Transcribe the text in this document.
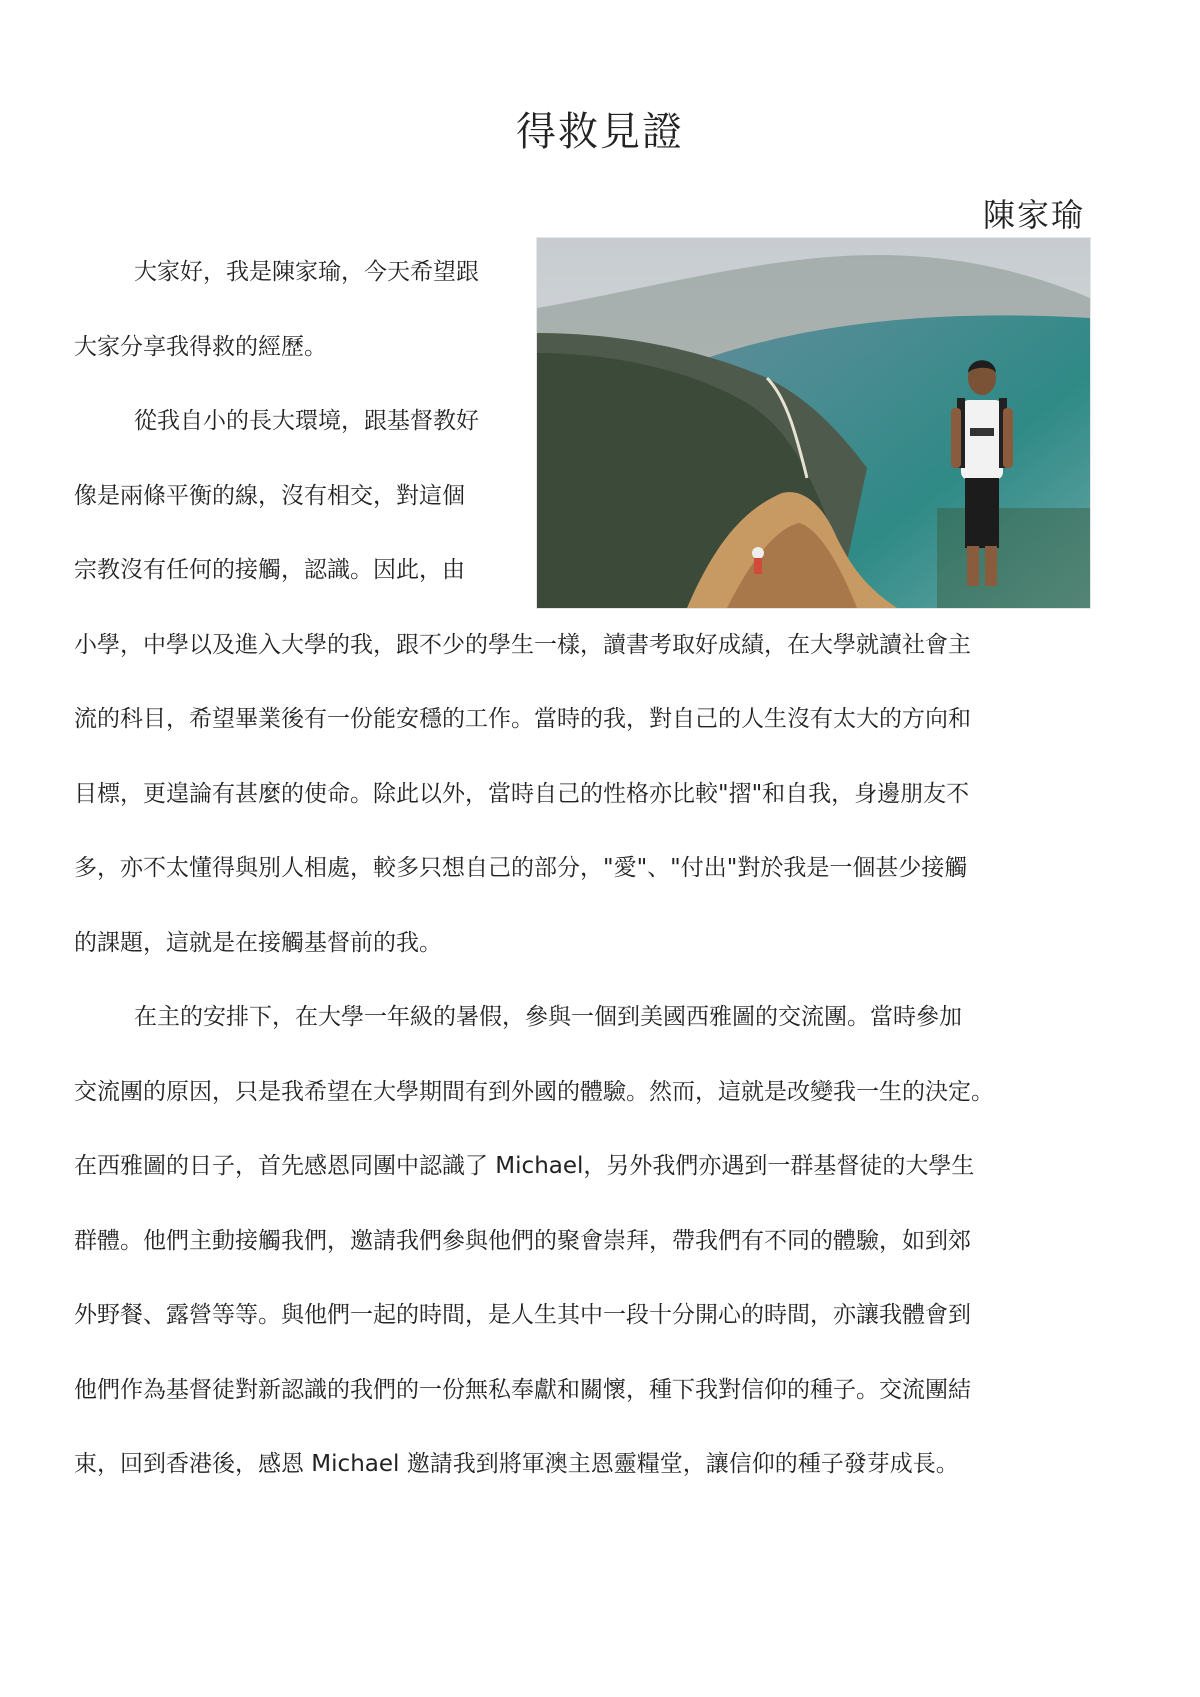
得救見證
陳家瑜
大家好，我是陳家瑜，今天希望跟
大家分享我得救的經歷。
從我自小的長大環境，跟基督教好
像是兩條平衡的線，沒有相交，對這個
宗教沒有任何的接觸，認識。因此，由
小學，中學以及進入大學的我，跟不少的學生一樣，讀書考取好成績，在大學就讀社會主
流的科目，希望畢業後有一份能安穩的工作。當時的我，對自己的人生沒有太大的方向和
目標，更遑論有甚麼的使命。除此以外，當時自己的性格亦比較"摺"和自我，身邊朋友不
多，亦不太懂得與別人相處，較多只想自己的部分，"愛"、"付出"對於我是一個甚少接觸
的課題，這就是在接觸基督前的我。
在主的安排下，在大學一年級的暑假，參與一個到美國西雅圖的交流團。當時參加
交流團的原因，只是我希望在大學期間有到外國的體驗。然而，這就是改變我一生的決定。
在西雅圖的日子，首先感恩同團中認識了 Michael，另外我們亦遇到一群基督徒的大學生
群體。他們主動接觸我們，邀請我們參與他們的聚會崇拜，帶我們有不同的體驗，如到郊
外野餐、露營等等。與他們一起的時間，是人生其中一段十分開心的時間，亦讓我體會到
他們作為基督徒對新認識的我們的一份無私奉獻和關懷，種下我對信仰的種子。交流團結
束，回到香港後，感恩 Michael 邀請我到將軍澳主恩靈糧堂，讓信仰的種子發芽成長。
